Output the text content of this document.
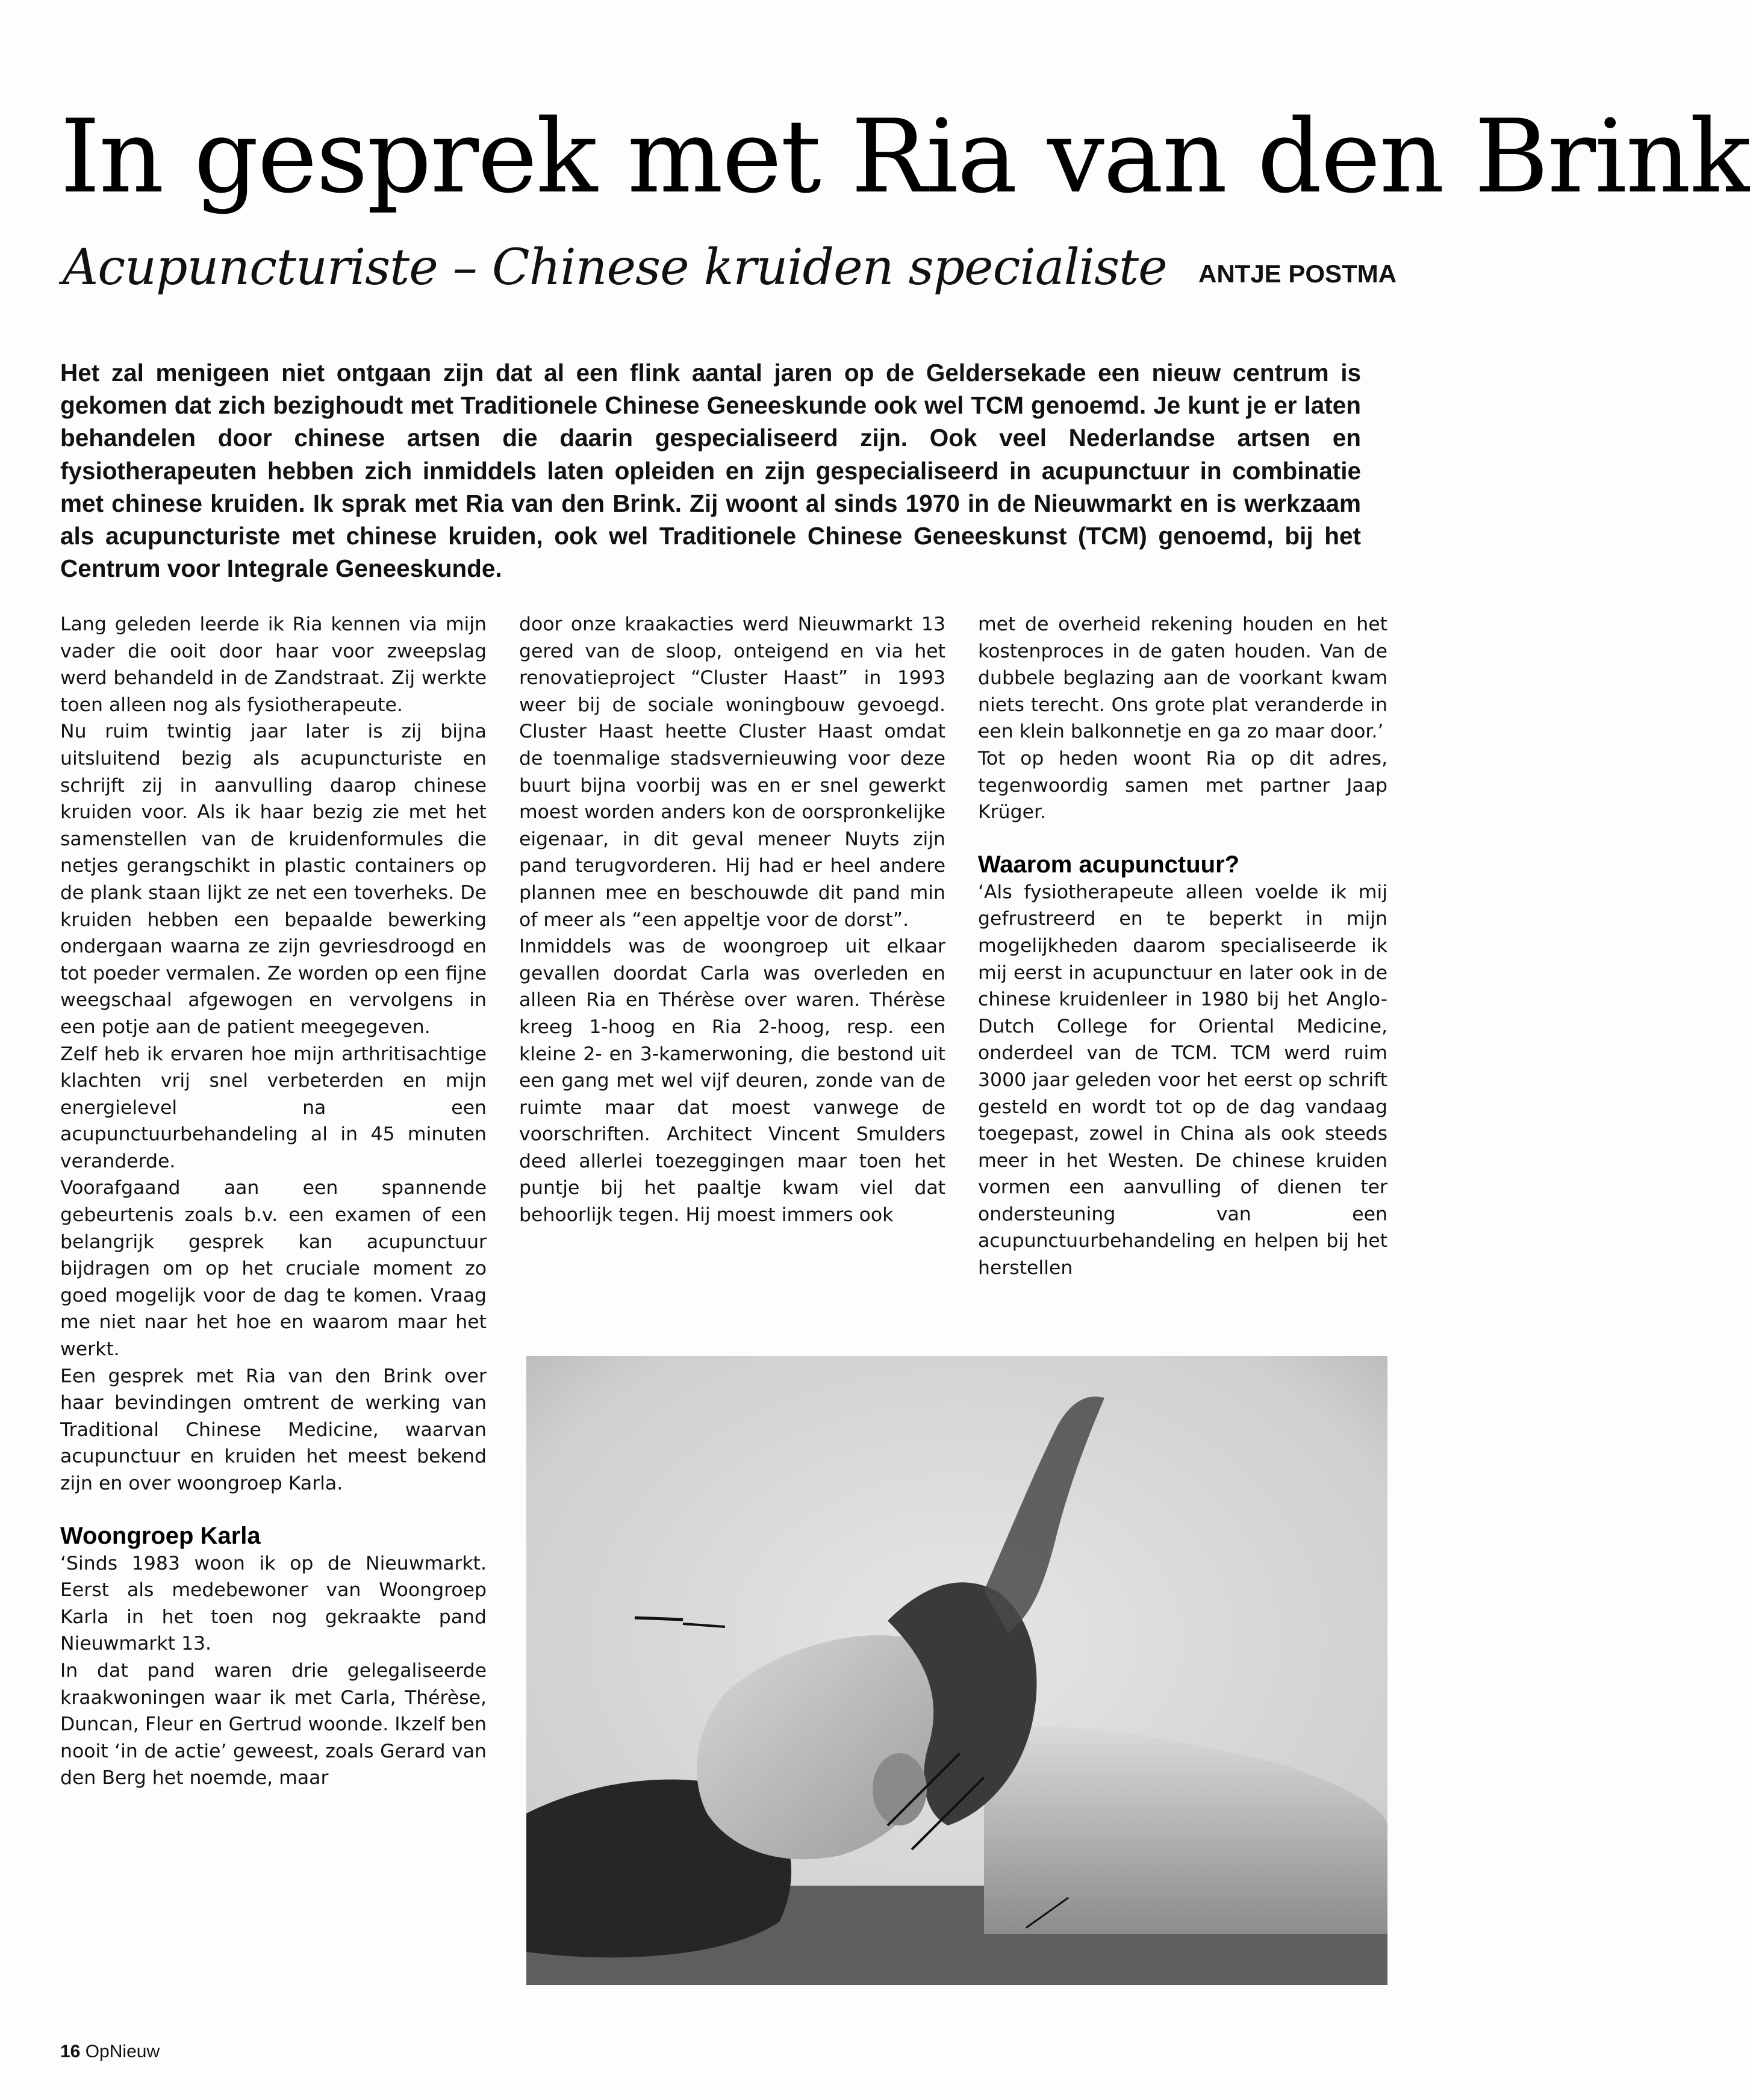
In gesprek met Ria van den Brink
Acupuncturiste – Chinese kruiden specialiste ANTJE POSTMA

Het zal menigeen niet ontgaan zijn dat al een flink aantal jaren op de Geldersekade een nieuw centrum is gekomen dat zich bezighoudt met Traditionele Chinese Geneeskunde ook wel TCM genoemd. Je kunt je er laten behandelen door chinese artsen die daarin gespecialiseerd zijn. Ook veel Nederlandse artsen en fysiotherapeuten hebben zich inmiddels laten opleiden en zijn gespecialiseerd in acupunctuur in combinatie met chinese kruiden. Ik sprak met Ria van den Brink. Zij woont al sinds 1970 in de Nieuwmarkt en is werkzaam als acupuncturiste met chinese kruiden, ook wel Traditionele Chinese Geneeskunst (TCM) genoemd, bij het Centrum voor Integrale Geneeskunde.

Lang geleden leerde ik Ria kennen via mijn vader die ooit door haar voor zweepslag werd behandeld in de Zandstraat. Zij werkte toen alleen nog als fysiotherapeute.

Nu ruim twintig jaar later is zij bijna uitsluitend bezig als acupuncturiste en schrijft zij in aanvulling daarop chinese kruiden voor. Als ik haar bezig zie met het samenstellen van de kruidenformules die netjes gerangschikt in plastic containers op de plank staan lijkt ze net een toverheks. De kruiden hebben een bepaalde bewerking ondergaan waarna ze zijn gevriesdroogd en tot poeder vermalen. Ze worden op een fijne weegschaal afgewogen en vervolgens in een potje aan de patient meegegeven.

Zelf heb ik ervaren hoe mijn arthritisachtige klachten vrij snel verbeterden en mijn energielevel na een acupunctuurbehandeling al in 45 minuten veranderde.

Voorafgaand aan een spannende gebeurtenis zoals b.v. een examen of een belangrijk gesprek kan acupunctuur bijdragen om op het cruciale moment zo goed mogelijk voor de dag te komen. Vraag me niet naar het hoe en waarom maar het werkt.

Een gesprek met Ria van den Brink over haar bevindingen omtrent de werking van Traditional Chinese Medicine, waarvan acupunctuur en kruiden het meest bekend zijn en over woongroep Karla.

Woongroep Karla

‘Sinds 1983 woon ik op de Nieuwmarkt. Eerst als medebewoner van Woongroep Karla in het toen nog gekraakte pand Nieuwmarkt 13.

In dat pand waren drie gelegaliseerde kraakwoningen waar ik met Carla, Thérèse, Duncan, Fleur en Gertrud woonde. Ikzelf ben nooit ‘in de actie’ geweest, zoals Gerard van den Berg het noemde, maar

door onze kraakacties werd Nieuwmarkt 13 gered van de sloop, onteigend en via het renovatieproject “Cluster Haast” in 1993 weer bij de sociale woningbouw gevoegd. Cluster Haast heette Cluster Haast omdat de toenmalige stadsvernieuwing voor deze buurt bijna voorbij was en er snel gewerkt moest worden anders kon de oorspronkelijke eigenaar, in dit geval meneer Nuyts zijn pand terugvorderen. Hij had er heel andere plannen mee en beschouwde dit pand min of meer als “een appeltje voor de dorst”.

Inmiddels was de woongroep uit elkaar gevallen doordat Carla was overleden en alleen Ria en Thérèse over waren. Thérèse kreeg 1-hoog en Ria 2-hoog, resp. een kleine 2- en 3-kamerwoning, die bestond uit een gang met wel vijf deuren, zonde van de ruimte maar dat moest vanwege de voorschriften. Architect Vincent Smulders deed allerlei toezeggingen maar toen het puntje bij het paaltje kwam viel dat behoorlijk tegen. Hij moest immers ook

met de overheid rekening houden en het kostenproces in de gaten houden. Van de dubbele beglazing aan de voorkant kwam niets terecht. Ons grote plat veranderde in een klein balkonnetje en ga zo maar door.’

Tot op heden woont Ria op dit adres, tegenwoordig samen met partner Jaap Krüger.

Waarom acupunctuur?

‘Als fysiotherapeute alleen voelde ik mij gefrustreerd en te beperkt in mijn mogelijkheden daarom specialiseerde ik mij eerst in acupunctuur en later ook in de chinese kruidenleer in 1980 bij het Anglo-Dutch College for Oriental Medicine, onderdeel van de TCM. TCM werd ruim 3000 jaar geleden voor het eerst op schrift gesteld en wordt tot op de dag vandaag toegepast, zowel in China als ook steeds meer in het Westen. De chinese kruiden vormen een aanvulling of dienen ter ondersteuning van een acupunctuurbehandeling en helpen bij het herstellen

16 OpNieuw
